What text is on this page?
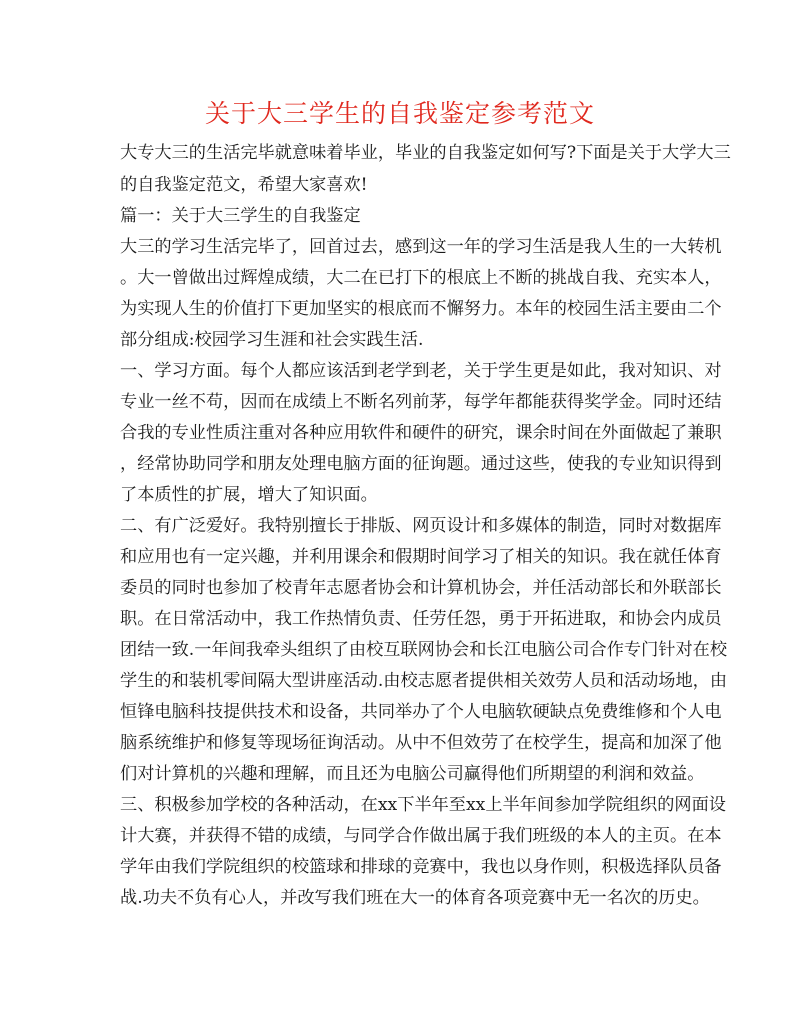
关于大三学生的自我鉴定参考范文

大专大三的生活完毕就意味着毕业，毕业的自我鉴定如何写?下面是关于大学大三

的自我鉴定范文，希望大家喜欢!

篇一：关于大三学生的自我鉴定

大三的学习生活完毕了，回首过去，感到这一年的学习生活是我人生的一大转机

。大一曾做出过辉煌成绩，大二在已打下的根底上不断的挑战自我、充实本人，

为实现人生的价值打下更加坚实的根底而不懈努力。本年的校园生活主要由二个

部分组成:校园学习生涯和社会实践生活.

一、学习方面。每个人都应该活到老学到老，关于学生更是如此，我对知识、对

专业一丝不苟，因而在成绩上不断名列前茅，每学年都能获得奖学金。同时还结

合我的专业性质注重对各种应用软件和硬件的研究，课余时间在外面做起了兼职

，经常协助同学和朋友处理电脑方面的征询题。通过这些，使我的专业知识得到

了本质性的扩展，增大了知识面。

二、有广泛爱好。我特别擅长于排版、网页设计和多媒体的制造，同时对数据库

和应用也有一定兴趣，并利用课余和假期时间学习了相关的知识。我在就任体育

委员的同时也参加了校青年志愿者协会和计算机协会，并任活动部长和外联部长

职。在日常活动中，我工作热情负责、任劳任怨，勇于开拓进取，和协会内成员

团结一致.一年间我牵头组织了由校互联网协会和长江电脑公司合作专门针对在校

学生的和装机零间隔大型讲座活动.由校志愿者提供相关效劳人员和活动场地，由

恒锋电脑科技提供技术和设备，共同举办了个人电脑软硬缺点免费维修和个人电

脑系统维护和修复等现场征询活动。从中不但效劳了在校学生，提高和加深了他

们对计算机的兴趣和理解，而且还为电脑公司赢得他们所期望的利润和效益。

三、积极参加学校的各种活动，在xx下半年至xx上半年间参加学院组织的网面设

计大赛，并获得不错的成绩，与同学合作做出属于我们班级的本人的主页。在本

学年由我们学院组织的校篮球和排球的竞赛中，我也以身作则，积极选择队员备

战.功夫不负有心人，并改写我们班在大一的体育各项竞赛中无一名次的历史。
